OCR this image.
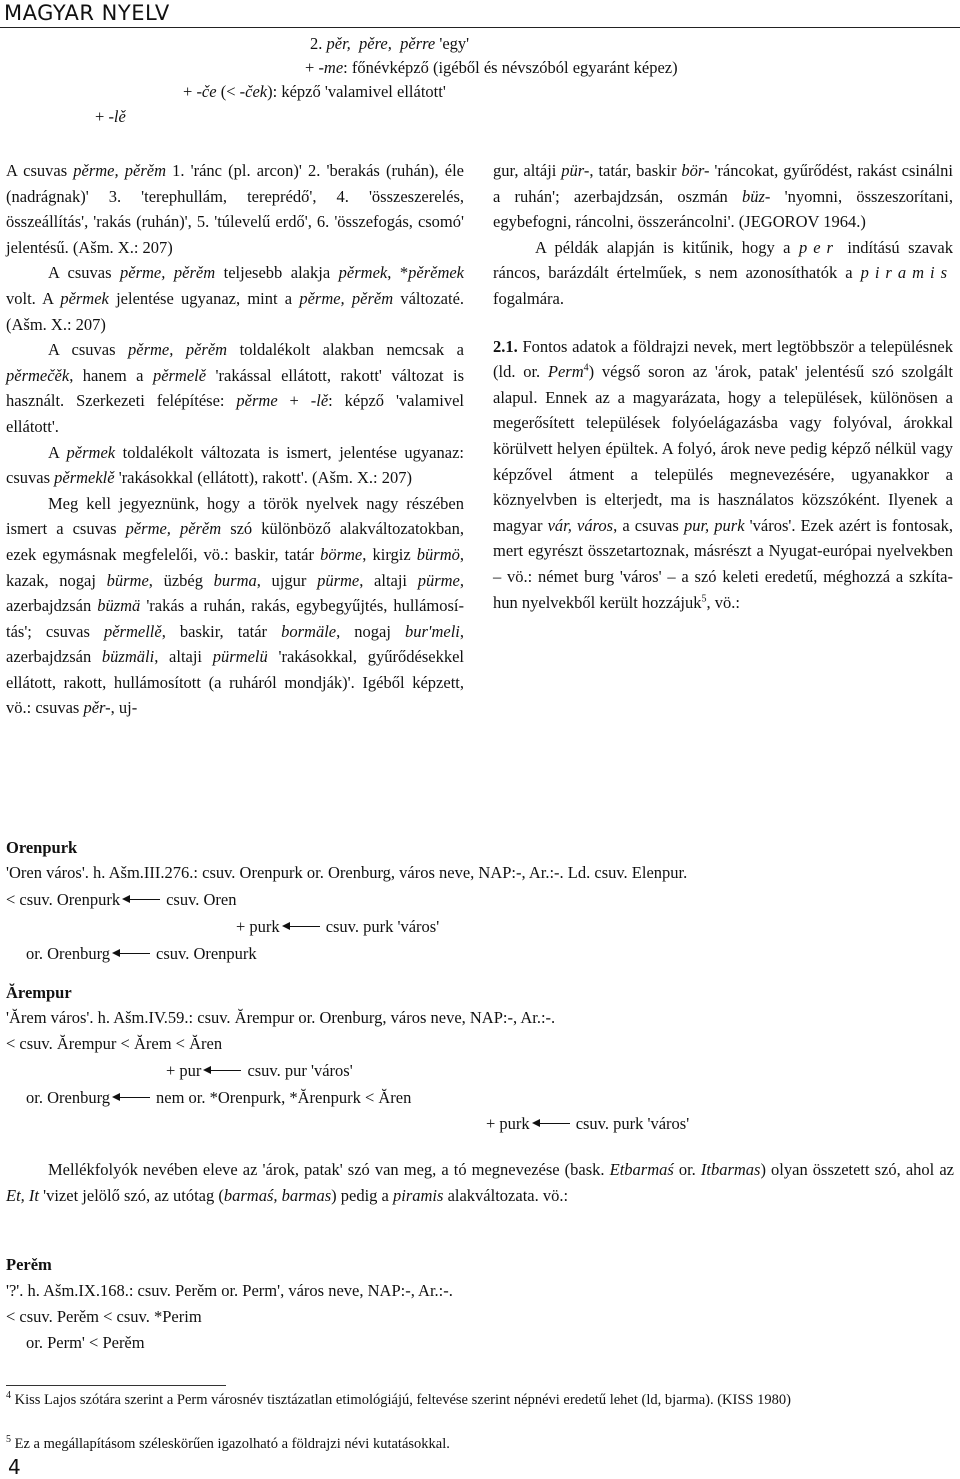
MAGYAR NYELV
2. pěr,  pěre,  pěrre 'egy'
+ -me: főnévképző (igéből és névszóból egyaránt képez)
+ -če (< -ček): képző 'valamivel ellátott'
+ -lě

A csuvas pěrme, pěrěm 1. 'ránc (pl. arcon)' 2. 'berakás (ruhán), éle (nadrágnak)' 3. 'terephullám, tereprédő', 4. 'összeszerelés, összeállítás', 'rakás (ruhán)', 5. 'túlevelű erdő', 6. 'összefogás, csomó' jelentésű. (Ašm. X.: 207)

A csuvas pěrme, pěrěm teljesebb alakja pěrmek, *pěrěmek volt. A pěrmek jelentése ugyanaz, mint a pěrme, pěrěm változaté. (Ašm. X.: 207)

A csuvas pěrme, pěrěm toldalékolt alakban nemcsak a pěrmečěk, hanem a pěrmelě 'rakással ellátott, rakott' változat is használt. Szerkezeti felépítése: pěrme + -lě: képző 'valamivel ellátott'.

A pěrmek toldalékolt változata is ismert, jelentése ugyanaz: csuvas pěrmeklě 'rakásokkal (ellátott), rakott'. (Ašm. X.: 207)

Meg kell jegyeznünk, hogy a török nyelvek nagy részében ismert a csuvas pěrme, pěrěm szó különböző alakváltozatokban, ezek egymásnak megfelelői, vö.: baskir, tatár börme, kirgiz bürmö, kazak, nogaj bürme, üzbég burma, ujgur pürme, altaji pürme, azerbajdzsán büzmä 'rakás a ruhán, rakás, egybegyűjtés, hullámosítás'; csuvas pěrmellě, baskir, tatár bormäle, nogaj bur'meli, azerbajdzsán büzmäli, altaji pürmelü 'rakásokkal, gyűrődésekkel ellátott, rakott, hullámosított (a ruháról mondják)'. Igéből képzett, vö.: csuvas pěr-, uj-

gur, altáji pür-, tatár, baskir bör- 'ráncokat, gyűrődést, rakást csinálni a ruhán'; azerbajdzsán, oszmán büz- 'nyomni, összeszorítani, egybefogni, ráncolni, összeráncolni'. (JEGOROV 1964.)

A példák alapján is kitűnik, hogy a per indítású szavak ráncos, barázdált értelműek, s nem azonosíthatók a piramis fogalmára.

2.1. Fontos adatok a földrajzi nevek, mert legtöbbször a településnek (ld. or. Perm$^4$) végső soron az 'árok, patak' jelentésű szó szolgált alapul. Ennek az a magyarázata, hogy a települések, különösen a megerősített települések folyóelágazásba vagy folyóval, árokkal körülvett helyen épültek. A folyó, árok neve pedig képző nélkül vagy képzővel átment a település megnevezésére, ugyanakkor a köznyelvben is elterjedt, ma is használatos közszóként. Ilyenek a magyar vár, város, a csuvas pur, purk 'város'. Ezek azért is fontosak, mert egyrészt összetartoznak, másrészt a Nyugat-európai nyelvekben – vö.: német burg 'város' – a szó keleti eredetű, méghozzá a szkíta-hun nyelvekből került hozzájuk$^5$, vö.:

Orenpurk
'Oren város'. h. Ašm.III.276.: csuv. Orenpurk or. Orenburg, város neve, NAP:-, Ar.:-. Ld. csuv. Elenpur.
< csuv. Orenpurk	csuv. Oren
+ purk	csuv. purk 'város'
or. Orenburg	csuv. Orenpurk
Ărempur
'Ărem város'. h. Ašm.IV.59.: csuv. Ărempur or. Orenburg, város neve, NAP:-, Ar.:-.
< csuv. Ărempur < Ărem < Ăren
+ pur	csuv. pur 'város'
or. Orenburg	nem or. *Orenpurk, *Ărenpurk < Ăren
+ purk	csuv. purk 'város'
Mellékfolyók nevében eleve az 'árok, patak' szó van meg, a tó megnevezése (bask. Etbarmaś or. Itbarmas) olyan összetett szó, ahol az Et, It 'vizet jelölő szó, az utótag (barmaś, barmas) pedig a piramis alakváltozata. vö.:
Perěm
'?'. h. Ašm.IX.168.: csuv. Perěm or. Perm', város neve, NAP:-, Ar.:-.
< csuv. Perěm < csuv. *Perim
or. Perm' < Perěm
$^4$ Kiss Lajos szótára szerint a Perm városnév tisztázatlan etimológiájú, feltevése szerint népnévi eredetű lehet (ld, bjarma). (KISS 1980)
$^5$ Ez a megállapításom széleskörűen igazolható a földrajzi névi kutatásokkal.
4
